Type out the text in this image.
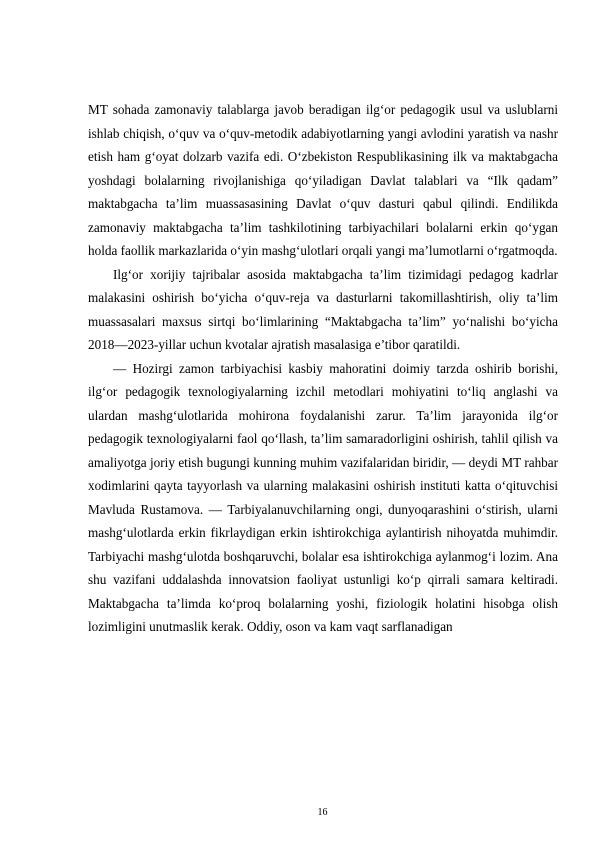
MT sohada zamonaviy talablarga javob beradigan ilg‘or pedagogik usul va uslublarni ishlab chiqish, o‘quv va o‘quv-metodik adabiyotlarning yangi avlodini yaratish va nashr etish ham g‘oyat dolzarb vazifa edi. O‘zbekiston Respublikasining ilk va maktabgacha yoshdagi bolalarning rivojlanishiga qo‘yiladigan Davlat talablari va “Ilk qadam” maktabgacha ta’lim muassasasining Davlat o‘quv dasturi qabul qilindi. Endilikda zamonaviy maktabgacha ta’lim tashkilotining tarbiyachilari bolalarni erkin qo‘ygan holda faollik markazlarida o‘yin mashg‘ulotlari orqali yangi ma’lumotlarni o‘rgatmoqda.

Ilg‘or xorijiy tajribalar asosida maktabgacha ta’lim tizimidagi pedagog kadrlar malakasini oshirish bo‘yicha o‘quv-reja va dasturlarni takomillashtirish, oliy ta’lim muassasalari maxsus sirtqi bo‘limlarining “Maktabgacha ta’lim” yo‘nalishi bo‘yicha 2018—2023-yillar uchun kvotalar ajratish masalasiga e’tibor qaratildi.

— Hozirgi zamon tarbiyachisi kasbiy mahoratini doimiy tarzda oshirib borishi, ilg‘or pedagogik texnologiyalarning izchil metodlari mohiyatini to‘liq anglashi va ulardan mashg‘ulotlarida mohirona foydalanishi zarur. Ta’lim jarayonida ilg‘or pedagogik texnologiyalarni faol qo‘llash, ta’lim samaradorligini oshirish, tahlil qilish va amaliyotga joriy etish bugungi kunning muhim vazifalaridan biridir, — deydi MT rahbar xodimlarini qayta tayyorlash va ularning malakasini oshirish instituti katta o‘qituvchisi Mavluda Rustamova. — Tarbiyalanuvchilarning ongi, dunyoqarashini o‘stirish, ularni mashg‘ulotlarda erkin fikrlaydigan erkin ishtirokchiga aylantirish nihoyatda muhimdir. Tarbiyachi mashg‘ulotda boshqaruvchi, bolalar esa ishtirokchiga aylanmog‘i lozim. Ana shu vazifani uddalashda innovatsion faoliyat ustunligi ko‘p qirrali samara keltiradi. Maktabgacha ta’limda ko‘proq bolalarning yoshi, fiziologik holatini hisobga olish lozimligini unutmaslik kerak. Oddiy, oson va kam vaqt sarflanadigan

16
